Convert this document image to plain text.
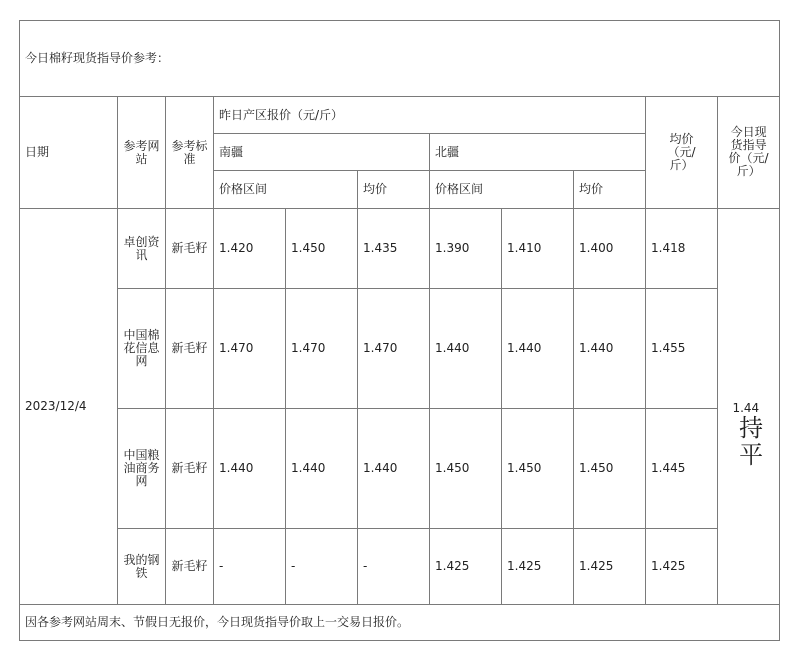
今日棉籽现货指导价参考：										
日期	参考网站	参考标准	昨日产区报价（元/斤）						均价（元/斤）	今日现货指导价（元/斤）
			南疆			北疆				
			价格区间		均价	价格区间		均价		
2023/12/4	卓创资讯	新毛籽	1.420	1.450	1.435	1.390	1.410	1.400	1.418	1.44
持平

	中国棉花信息网	新毛籽	1.470	1.470	1.470	1.440	1.440	1.440	1.455	
	中国粮油商务网	新毛籽	1.440	1.440	1.440	1.450	1.450	1.450	1.445	
	我的钢铁	新毛籽	-	-	-	1.425	1.425	1.425	1.425	
因各参考网站周末、节假日无报价，今日现货指导价取上一交易日报价。										
